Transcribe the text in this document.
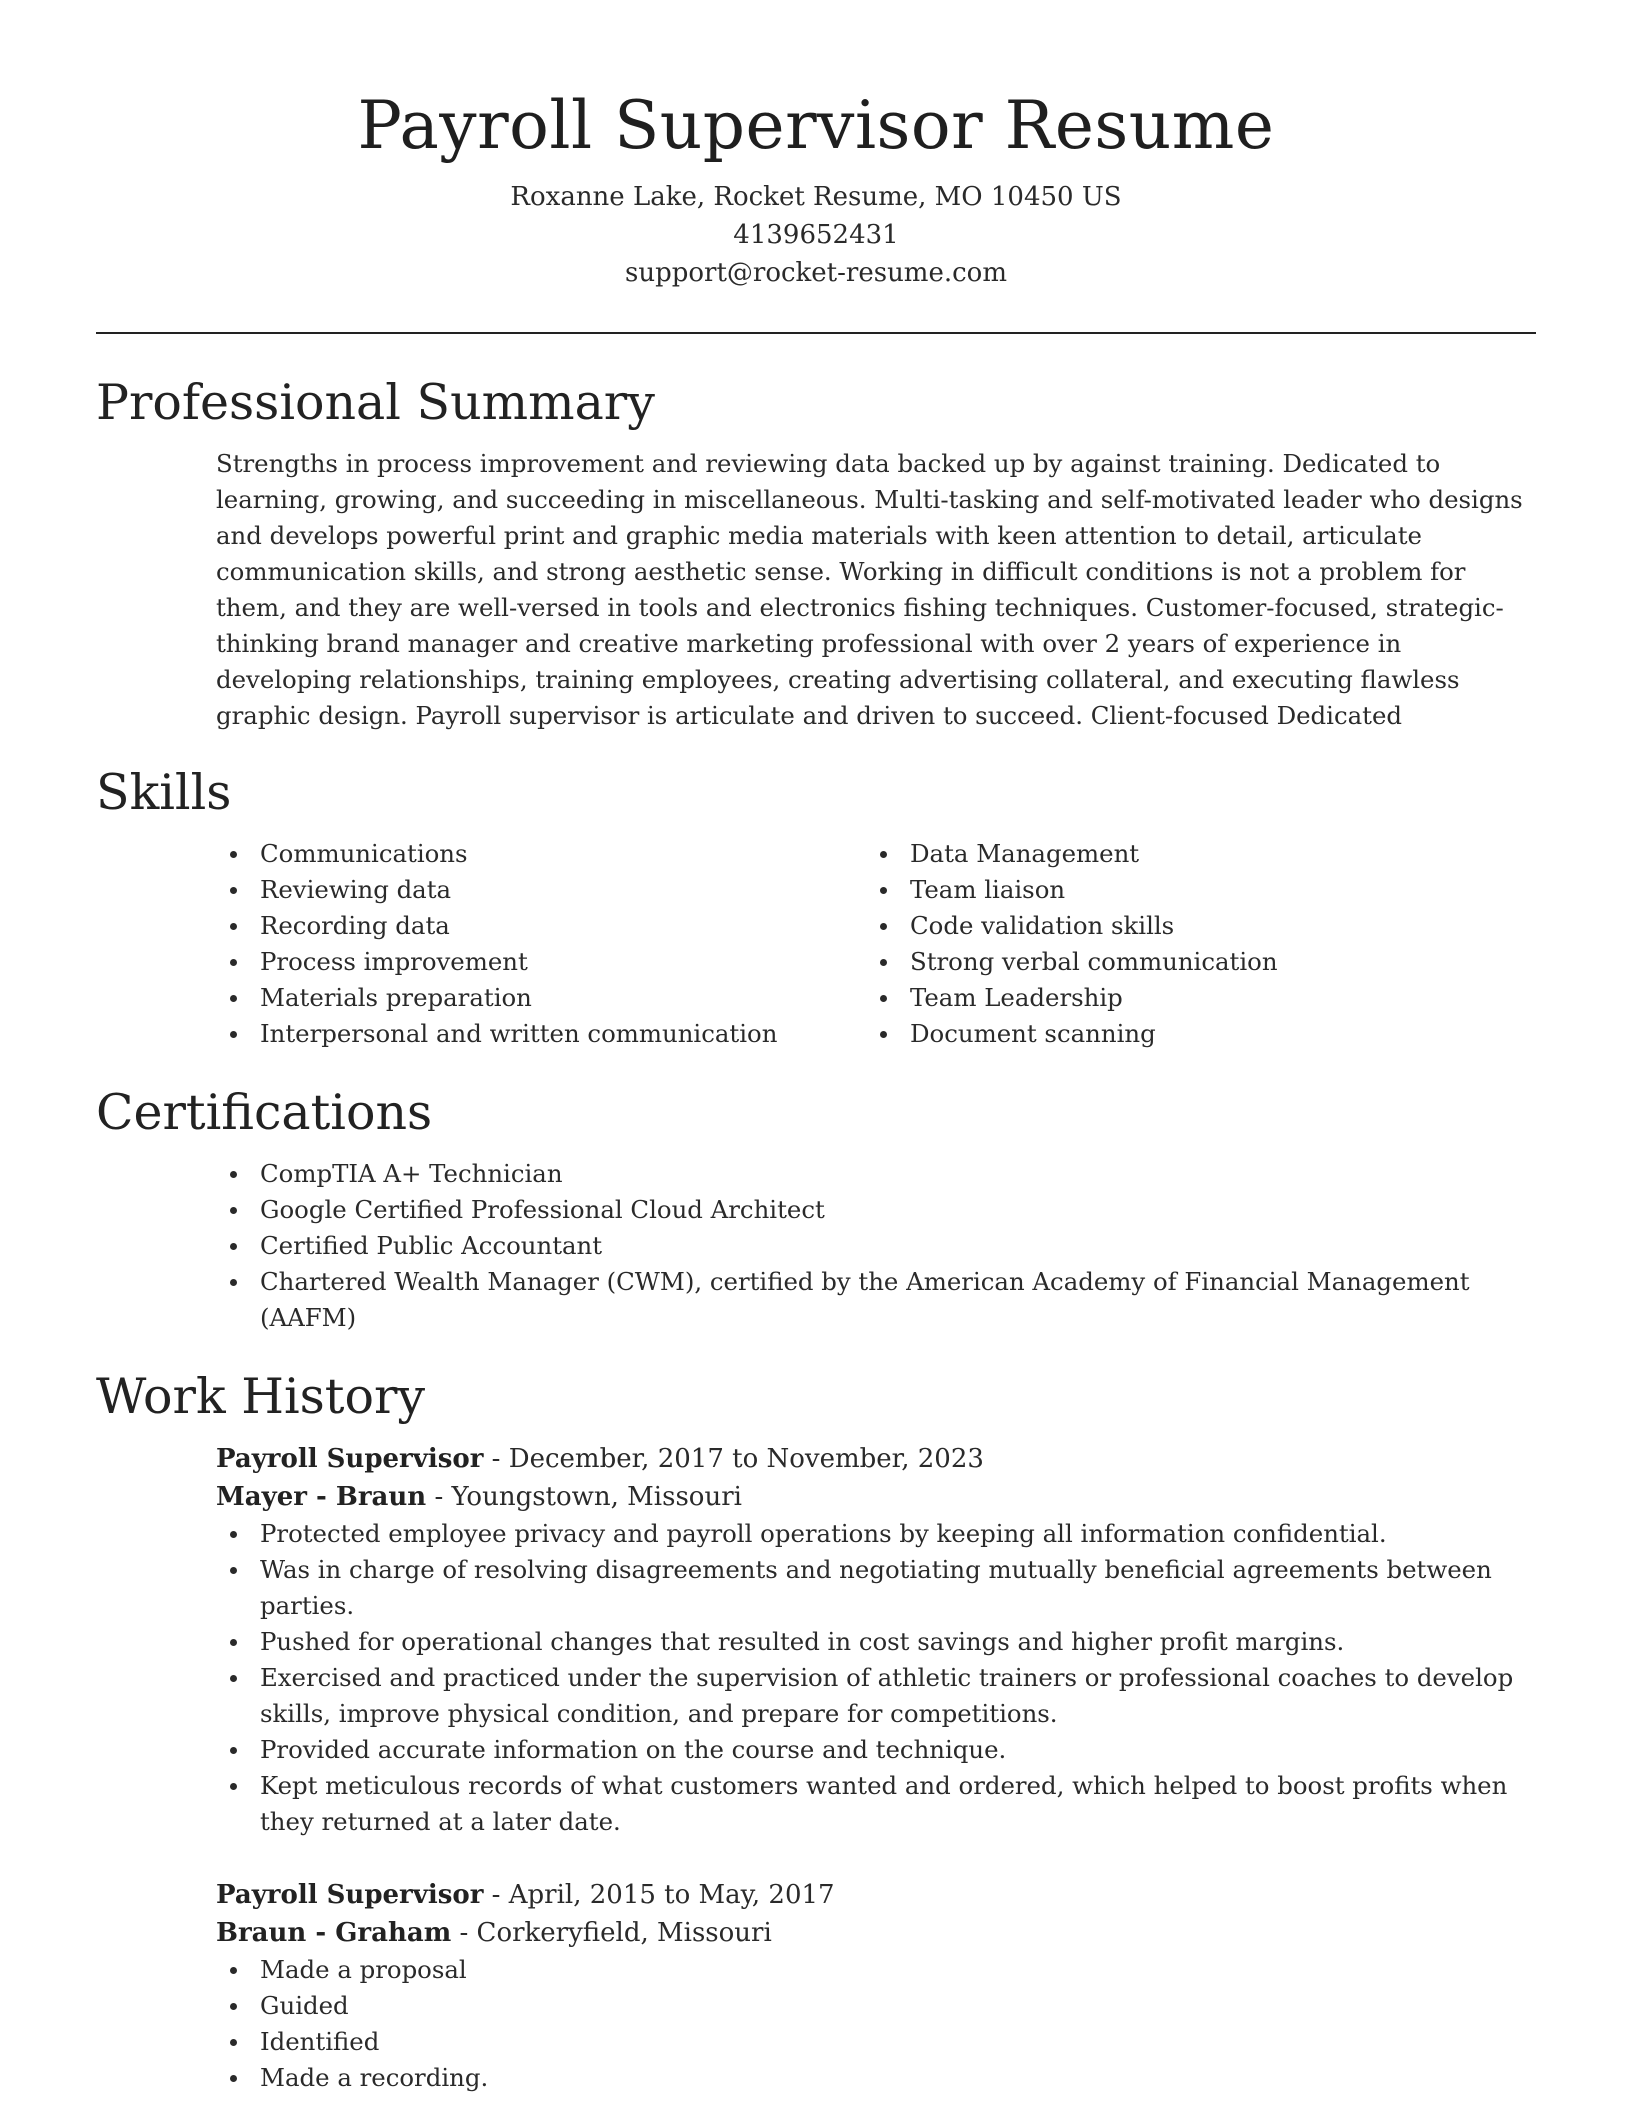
Payroll Supervisor Resume

Roxanne Lake, Rocket Resume, MO 10450 US

4139652431

support@rocket-resume.com

Professional Summary

Strengths in process improvement and reviewing data backed up by against training. Dedicated to learning, growing, and succeeding in miscellaneous. Multi-tasking and self-motivated leader who designs and develops powerful print and graphic media materials with keen attention to detail, articulate communication skills, and strong aesthetic sense. Working in difficult conditions is not a problem for them, and they are well-versed in tools and electronics fishing techniques. Customer-focused, strategic-thinking brand manager and creative marketing professional with over 2 years of experience in developing relationships, training employees, creating advertising collateral, and executing flawless graphic design. Payroll supervisor is articulate and driven to succeed. Client-focused Dedicated

Skills
Communications
Reviewing data
Recording data
Process improvement
Materials preparation
Interpersonal and written communication
Data Management
Team liaison
Code validation skills
Strong verbal communication
Team Leadership
Document scanning
Certifications
CompTIA A+ Technician
Google Certified Professional Cloud Architect
Certified Public Accountant
Chartered Wealth Manager (CWM), certified by the American Academy of Financial Management (AAFM)
Work History

Payroll Supervisor - December, 2017 to November, 2023

Mayer - Braun - Youngstown, Missouri

Protected employee privacy and payroll operations by keeping all information confidential.
Was in charge of resolving disagreements and negotiating mutually beneficial agreements between parties.
Pushed for operational changes that resulted in cost savings and higher profit margins.
Exercised and practiced under the supervision of athletic trainers or professional coaches to develop skills, improve physical condition, and prepare for competitions.
Provided accurate information on the course and technique.
Kept meticulous records of what customers wanted and ordered, which helped to boost profits when they returned at a later date.

Payroll Supervisor - April, 2015 to May, 2017

Braun - Graham - Corkeryfield, Missouri

Made a proposal
Guided
Identified
Made a recording.
